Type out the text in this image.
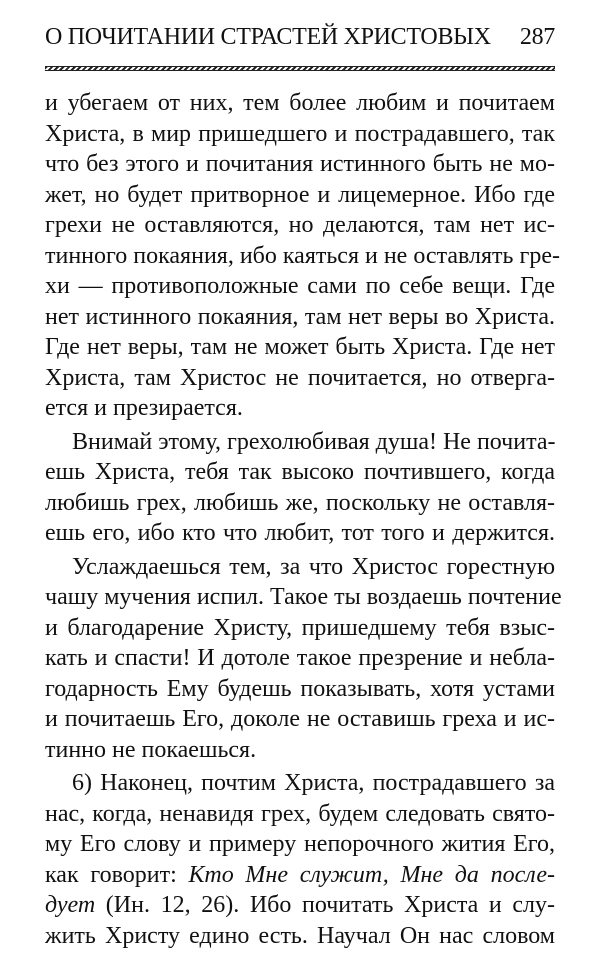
О ПОЧИТАНИИ СТРАСТЕЙ ХРИСТОВЫХ 287
и убегаем от них, тем более любим и почитаем
Христа, в мир пришедшего и пострадавшего, так
что без этого и почитания истинного быть не мо-
жет, но будет притворное и лицемерное. Ибо где
грехи не оставляются, но делаются, там нет ис-
тинного покаяния, ибо каяться и не оставлять гре-
хи — противоположные сами по себе вещи. Где
нет истинного покаяния, там нет веры во Христа.
Где нет веры, там не может быть Христа. Где нет
Христа, там Христос не почитается, но отверга-
ется и презирается.
Внимай этому, грехолюбивая душа! Не почита-
ешь Христа, тебя так высоко почтившего, когда
любишь грех, любишь же, поскольку не оставля-
ешь его, ибо кто что любит, тот того и держится.
Услаждаешься тем, за что Христос горестную
чашу мучения испил. Такое ты воздаешь почтение
и благодарение Христу, пришедшему тебя взыс-
кать и спасти! И дотоле такое презрение и небла-
годарность Ему будешь показывать, хотя устами
и почитаешь Его, доколе не оставишь греха и ис-
тинно не покаешься.
6) Наконец, почтим Христа, пострадавшего за
нас, когда, ненавидя грех, будем следовать свято-
му Его слову и примеру непорочного жития Его,
как говорит: Кто Мне служит, Мне да после-
дует (Ин. 12, 26). Ибо почитать Христа и слу-
жить Христу едино есть. Научал Он нас словом
